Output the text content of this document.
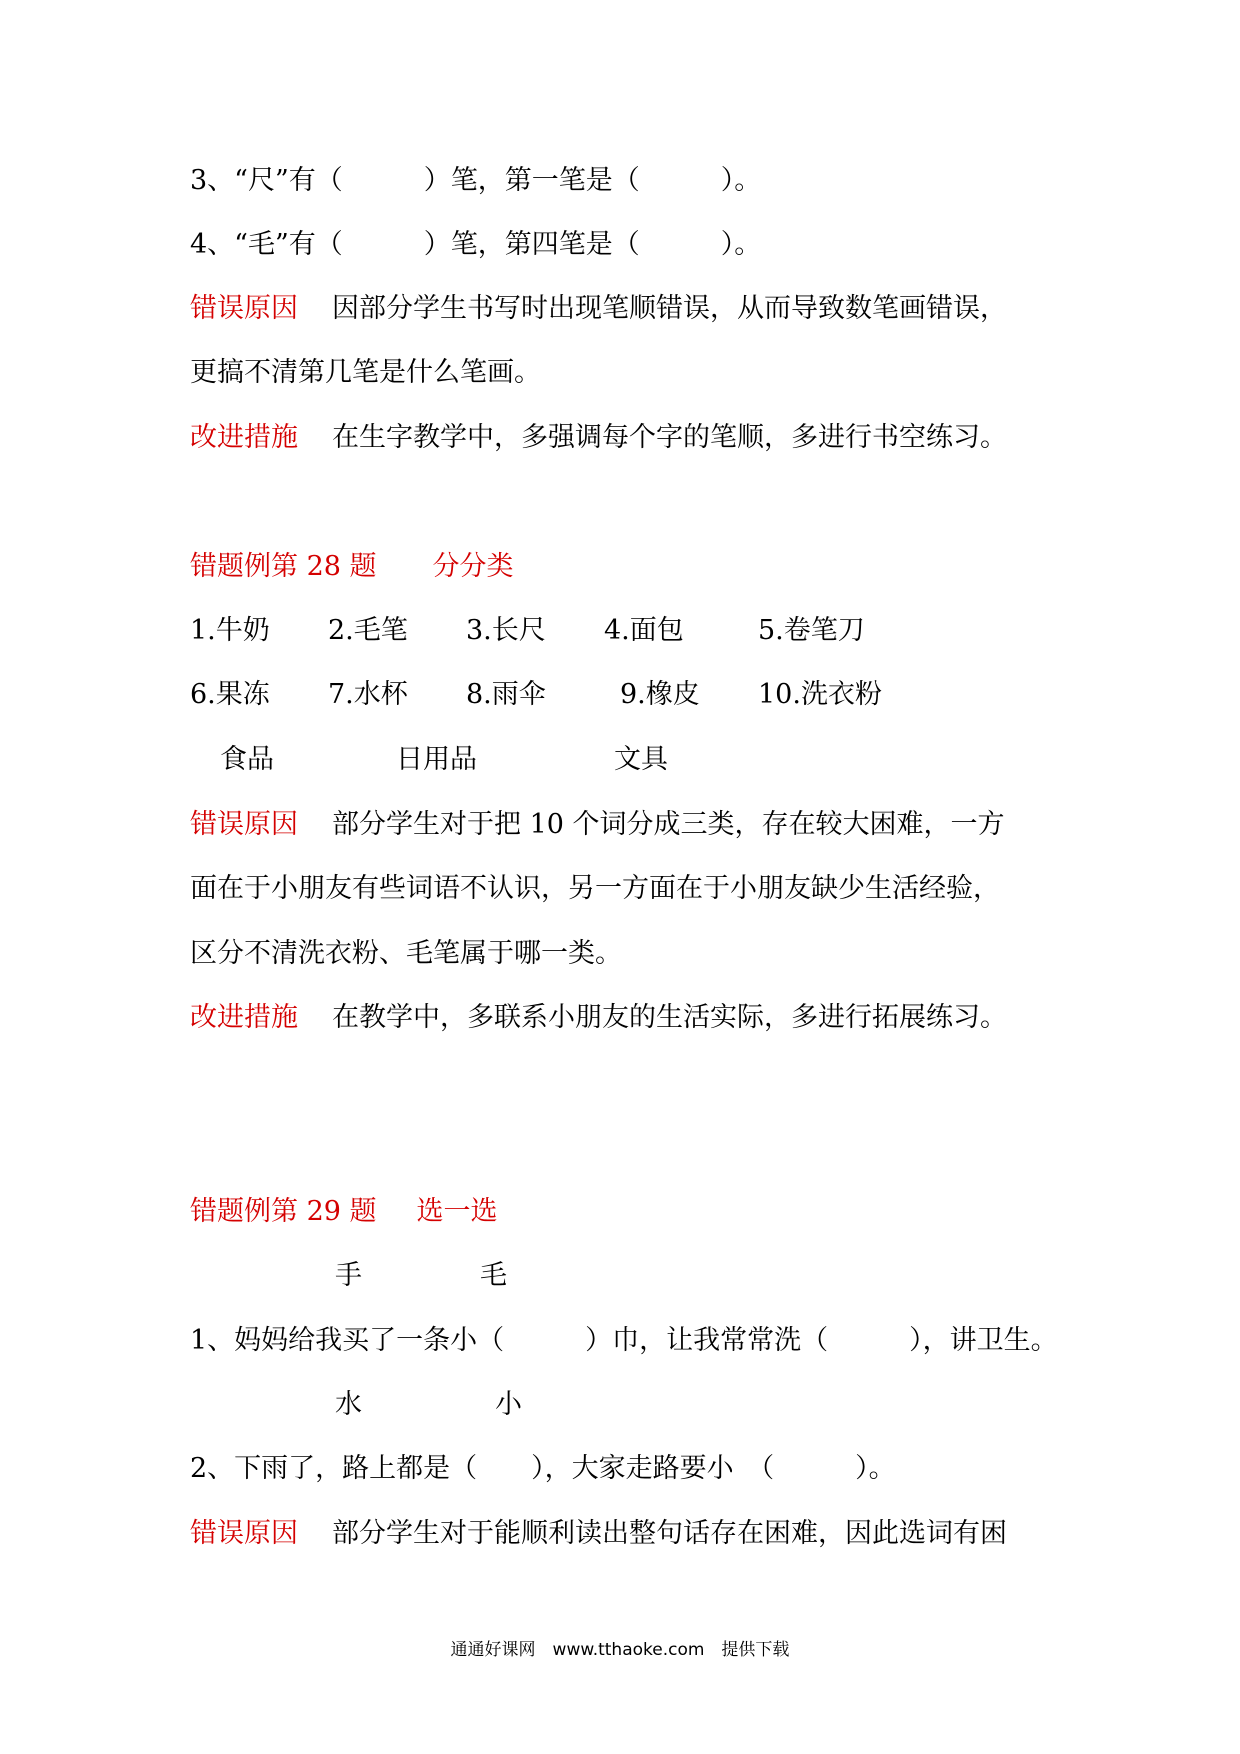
3、“尺”有（　　　）笔，第一笔是（　　　）。
4、“毛”有（　　　）笔，第四笔是（　　　）。
错误原因 因部分学生书写时出现笔顺错误，从而导致数笔画错误，
更搞不清第几笔是什么笔画。
改进措施 在生字教学中，多强调每个字的笔顺，多进行书空练习。
错题例第 28 题 分分类
1.牛奶 2.毛笔 3.长尺 4.面包	5.卷笔刀
6.果冻 7.水杯 8.雨伞	9.橡皮 10.洗衣粉
食品	日用品	文具
错误原因 部分学生对于把 10 个词分成三类，存在较大困难，一方
面在于小朋友有些词语不认识，另一方面在于小朋友缺少生活经验，
区分不清洗衣粉、毛笔属于哪一类。
改进措施 在教学中，多联系小朋友的生活实际，多进行拓展练习。
错题例第 29 题 选一选
手	毛
1、妈妈给我买了一条小（　　　）巾，让我常常洗（　　　），讲卫生。
水	小
2、下雨了，路上都是（　　），大家走路要小　（　　　）。
错误原因 部分学生对于能顺利读出整句话存在困难，因此选词有困
通通好课网　www.tthaoke.com　提供下载
